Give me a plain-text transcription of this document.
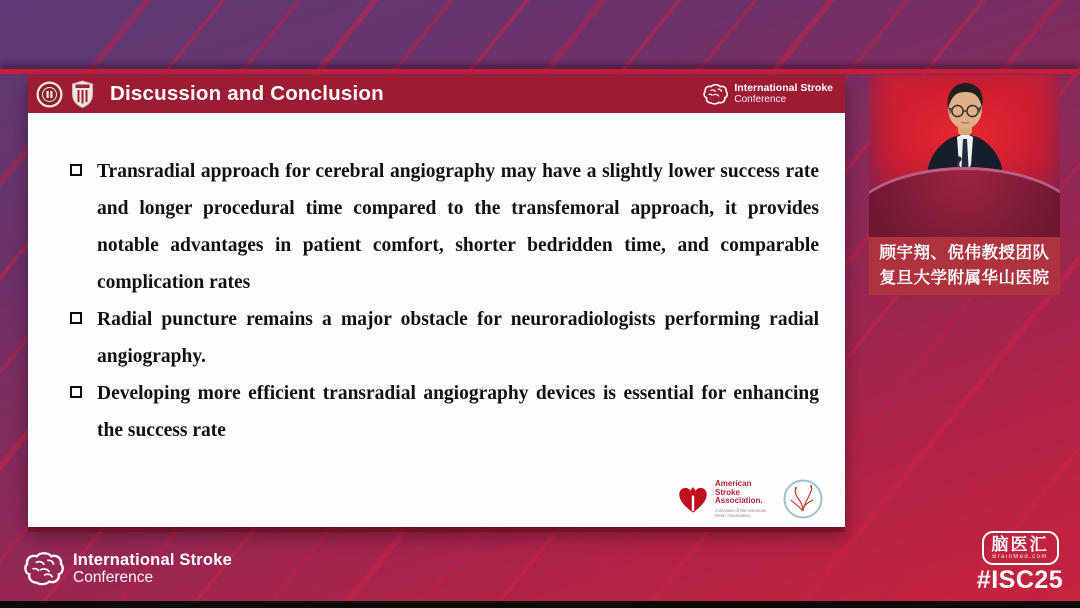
Discussion and Conclusion	International Stroke
Conference
Transradial approach for cerebral angiography may have a slightly lower success rate and longer procedural time compared to the transfemoral approach, it provides notable advantages in patient comfort, shorter bedridden time, and comparable complication rates
Radial puncture remains a major obstacle for neuroradiologists performing radial angiography.
Developing more efficient transradial angiography devices is essential for enhancing the success rate
American
Stroke
Association.
A division of the American Heart Association.
顾宇翔、倪伟教授团队
复旦大学附属华山医院
International Stroke
Conference
脑医汇
BrainMed.com
#ISC25
